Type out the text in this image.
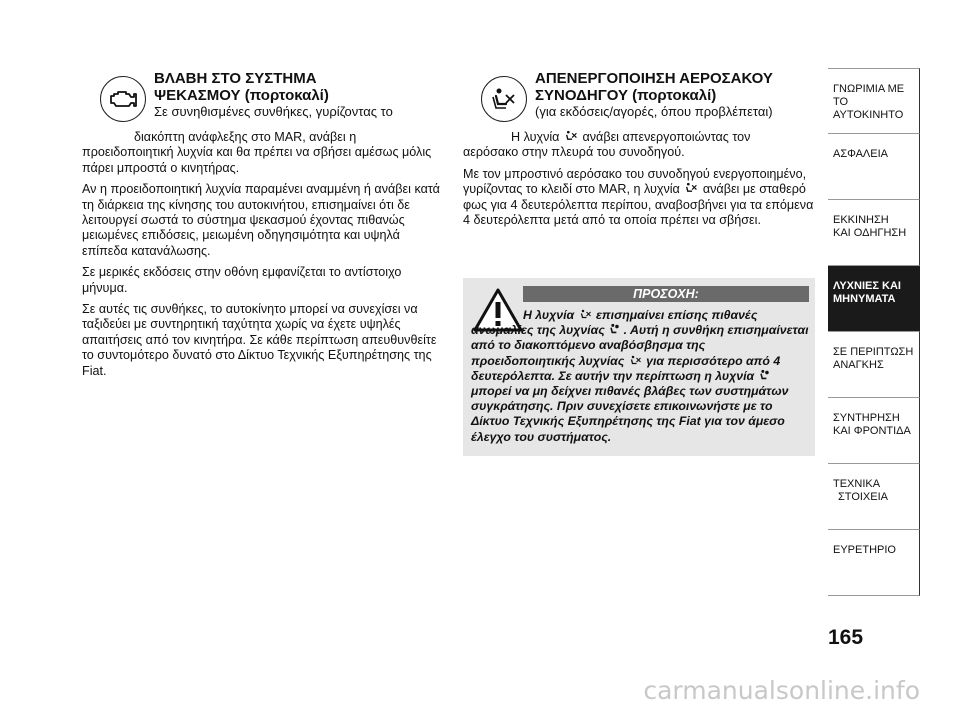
ΒΛΑΒΗ ΣΤΟ ΣΥΣΤΗΜΑ
ΨΕΚΑΣΜΟΥ (πορτοκαλί)
Σε συνηθισμένες συνθήκες, γυρίζοντας το

διακόπτη ανάφλεξης στο MAR, ανάβει η

προειδοποιητική λυχνία και θα πρέπει να σβήσει αμέσως μόλις πάρει μπροστά ο κινητήρας.

Αν η προειδοποιητική λυχνία παραμένει αναμμένη ή ανάβει κατά τη διάρκεια της κίνησης του αυτοκινήτου, επισημαίνει ότι δε λειτουργεί σωστά το σύστημα ψεκασμού έχοντας πιθανώς μειωμένες επιδόσεις, μειωμένη οδηγησιμότητα και υψηλά επίπεδα κατανάλωσης.

Σε μερικές εκδόσεις στην οθόνη εμφανίζεται το αντίστοιχο μήνυμα.

Σε αυτές τις συνθήκες, το αυτοκίνητο μπορεί να συνεχίσει να ταξιδεύει με συντηρητική ταχύτητα χωρίς να έχετε υψηλές απαιτήσεις από τον κινητήρα. Σε κάθε περίπτωση απευθυνθείτε το συντομότερο δυνατό στο Δίκτυο Τεχνικής Εξυπηρέτησης της Fiat.

ΑΠΕΝΕΡΓΟΠΟΙΗΣΗ ΑΕΡΟΣΑΚΟΥ
ΣΥΝΟΔΗΓΟΥ (πορτοκαλί)
(για εκδόσεις/αγορές, όπου προβλέπεται)

Η λυχνία ανάβει απενεργοποιώντας τον

αερόσακο στην πλευρά του συνοδηγού.

Με τον μπροστινό αερόσακο του συνοδηγού ενεργοποιημένο, γυρίζοντας το κλειδί στο MAR, η λυχνία ανάβει με σταθερό φως για 4 δευτερόλεπτα περίπου, αναβοσβήνει για τα επόμενα 4 δευτερόλεπτα μετά από τα οποία πρέπει να σβήσει.

ΠΡΟΣΟΧΗ:
Η λυχνία επισημαίνει επίσης πιθανές ανωμαλίες της λυχνίας . Αυτή η συνθήκη επισημαίνεται από το διακοπτόμενο αναβόσβησμα της προειδοποιητικής λυχνίας για περισσότερο από 4 δευτερόλεπτα. Σε αυτήν την περίπτωση η λυχνία  μπορεί να μη δείχνει πιθανές βλάβες των συστημάτων συγκράτησης. Πριν συνεχίσετε επικοινωνήστε με το Δίκτυο Τεχνικής Εξυπηρέτησης της Fiat για τον άμεσο έλεγχο του συστήματος.
ΓΝΩΡΙΜΙΑ ΜΕ
ΤΟ ΑΥΤΟΚΙΝΗΤΟ
ΑΣΦΑΛΕΙΑ
ΕΚΚΙΝΗΣΗ
ΚΑΙ ΟΔΗΓΗΣΗ
ΛΥΧΝΙΕΣ ΚΑΙ
ΜΗΝΥΜΑΤΑ
ΣΕ ΠΕΡΙΠΤΩΣΗ
ΑΝΑΓΚΗΣ
ΣΥΝΤΗΡΗΣΗ
ΚΑΙ ΦΡΟΝΤΙΔΑ
ΤΕΧΝΙΚΑ
ΣΤΟΙΧΕΙΑ
ΕΥΡΕΤΗΡΙΟ
165
carmanualsonline.info
